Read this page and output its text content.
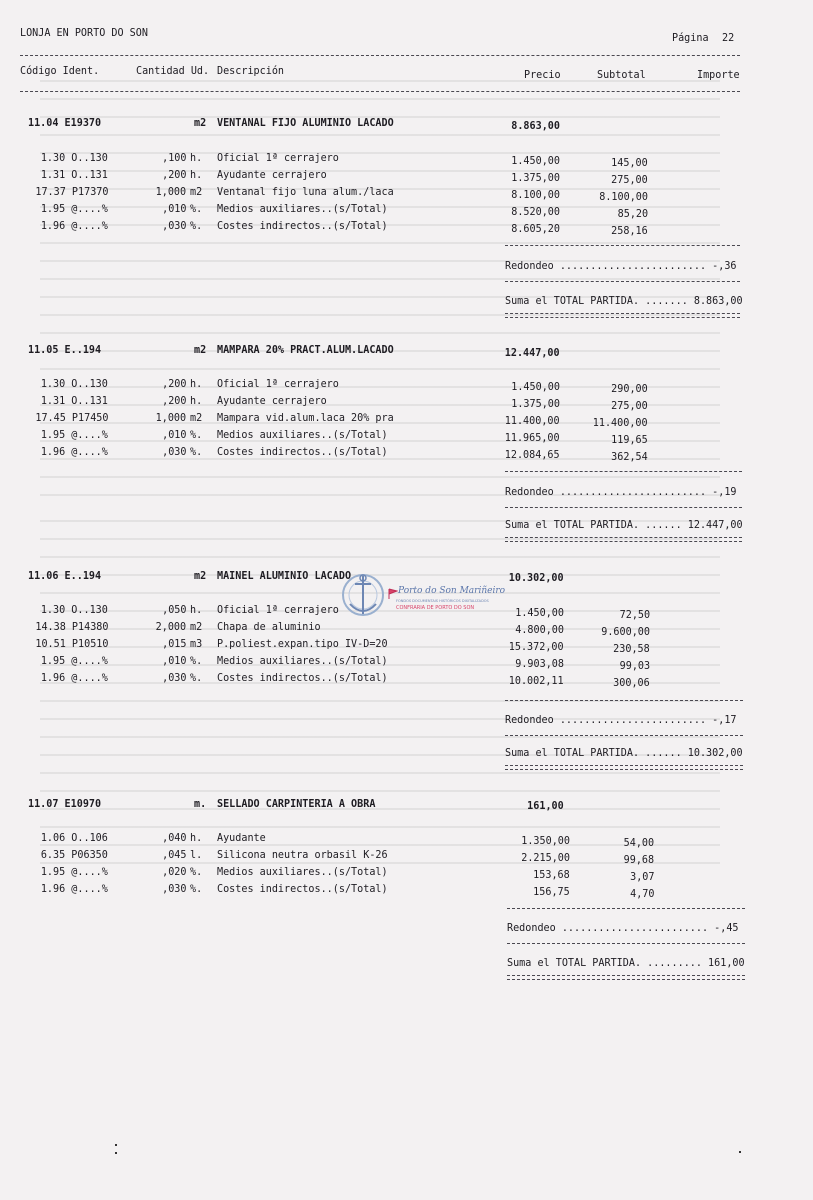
LONJA EN PORTO DO SON	Página 22
Código Ident.	Cantidad Ud. Descripción	Precio	Subtotal	Importe
11.04 E19370	m2 VENTANAL FIJO ALUMINIO LACADO	8.863,00
1.30 O..130	,100 h. Oficial 1ª cerrajero	1.450,00	145,00
1.31 O..131	,200 h. Ayudante cerrajero	1.375,00	275,00
17.37 P17370	1,000 m2 Ventanal fijo luna alum./laca	8.100,00	8.100,00
1.95 @....%	,010 %. Medios auxiliares..(s/Total)	8.520,00	85,20
1.96 @....%	,030 %. Costes indirectos..(s/Total)	8.605,20	258,16
Redondeo ........................ -,36
Suma el TOTAL PARTIDA. ....... 8.863,00
11.05 E..194	m2 MAMPARA 20% PRACT.ALUM.LACADO	12.447,00
1.30 O..130	,200 h. Oficial 1ª cerrajero	1.450,00	290,00
1.31 O..131	,200 h. Ayudante cerrajero	1.375,00	275,00
17.45 P17450	1,000 m2 Mampara vid.alum.laca 20% pra	11.400,00	11.400,00
1.95 @....%	,010 %. Medios auxiliares..(s/Total)	11.965,00	119,65
1.96 @....%	,030 %. Costes indirectos..(s/Total)	12.084,65	362,54
Redondeo ........................ -,19
Suma el TOTAL PARTIDA. ...... 12.447,00
11.06 E..194	m2 MAINEL ALUMINIO LACADO	10.302,00
1.30 O..130	,050 h. Oficial 1ª cerrajero	1.450,00	72,50
14.38 P14380	2,000 m2 Chapa de aluminio	4.800,00	9.600,00
10.51 P10510	,015 m3 P.poliest.expan.tipo IV-D=20	15.372,00	230,58
1.95 @....%	,010 %. Medios auxiliares..(s/Total)	9.903,08	99,03
1.96 @....%	,030 %. Costes indirectos..(s/Total)	10.002,11	300,06
Redondeo ........................ -,17
Suma el TOTAL PARTIDA. ...... 10.302,00
11.07 E10970	m. SELLADO CARPINTERIA A OBRA	161,00
1.06 O..106	,040 h. Ayudante	1.350,00	54,00
6.35 P06350	,045 l. Silicona neutra orbasil K-26	2.215,00	99,68
1.95 @....%	,020 %. Medios auxiliares..(s/Total)	153,68	3,07
1.96 @....%	,030 %. Costes indirectos..(s/Total)	156,75	4,70
Redondeo ........................ -,45
Suma el TOTAL PARTIDA. ......... 161,00
Porto do Son Mariñeiro
FONDOS DOCUMENTAIS HISTÓRICOS DIXITALIZADOS
CONFRARIA DE PORTO DO SON
